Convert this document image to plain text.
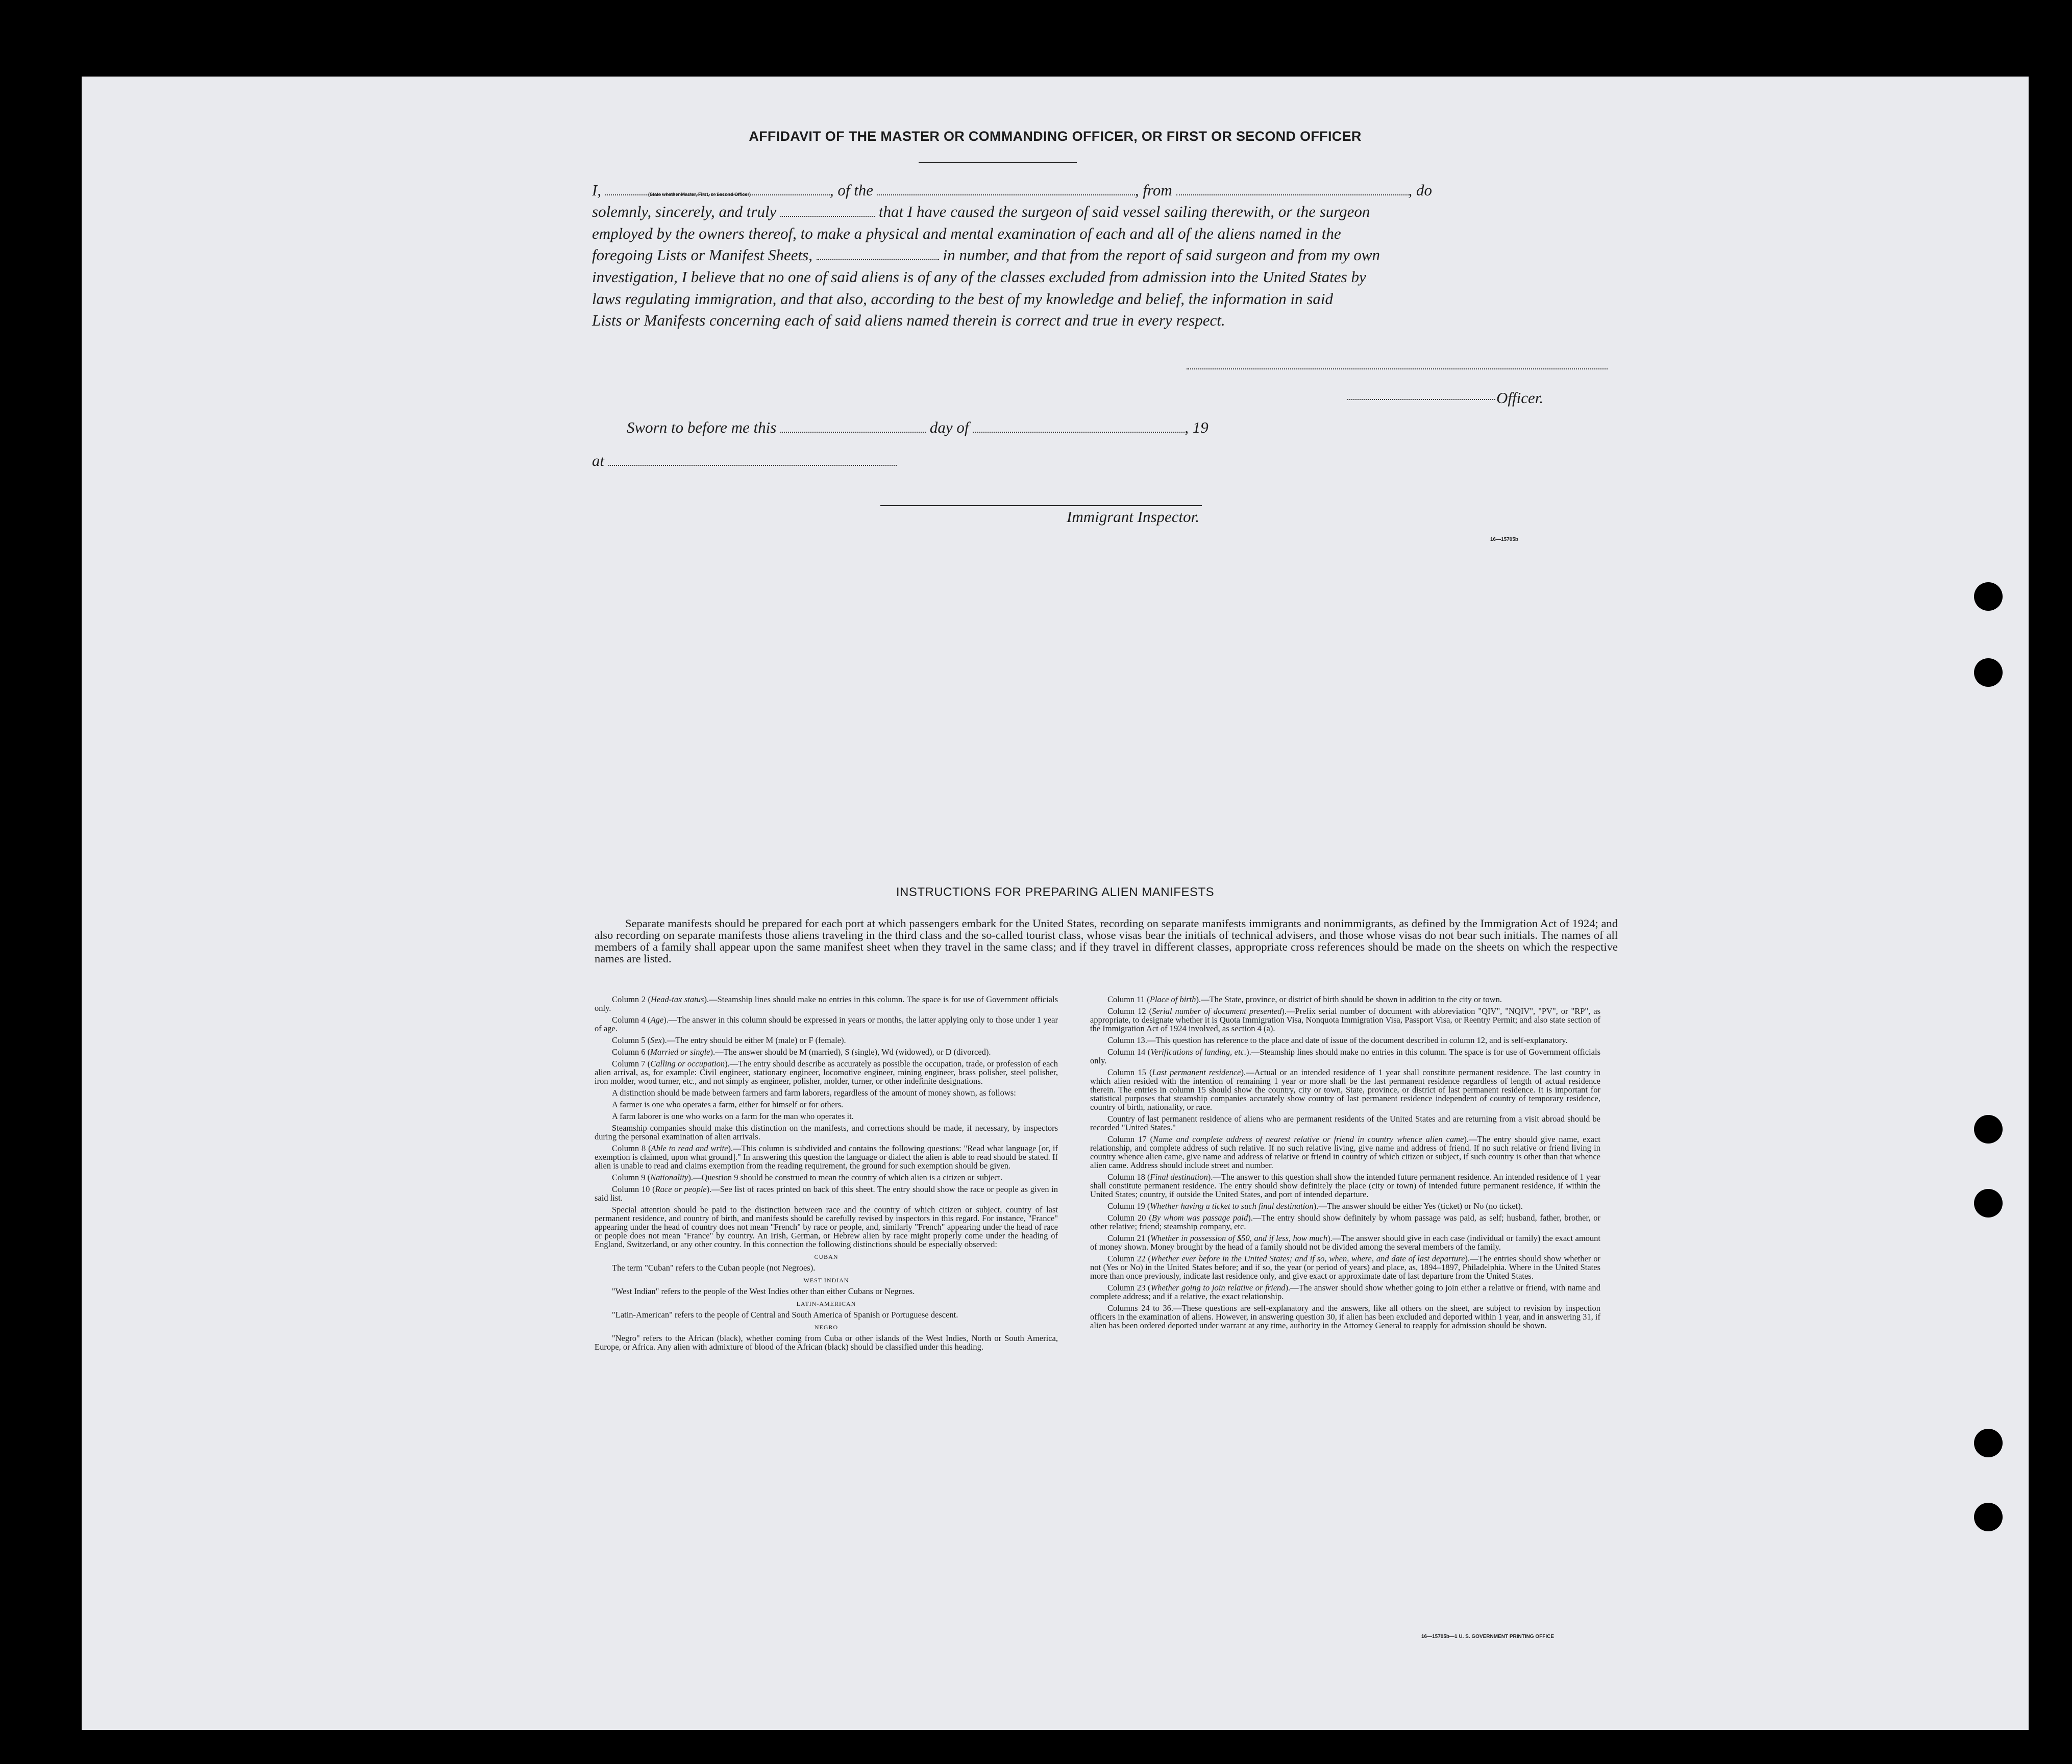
AFFIDAVIT OF THE MASTER OR COMMANDING OFFICER, OR FIRST OR SECOND OFFICER
I,	, of the	, from	, do
(State whether Master, First, or Second Officer)
solemnly, sincerely, and truly	that I have caused the surgeon of said vessel sailing therewith, or the surgeon
employed by the owners thereof, to make a physical and mental examination of each and all of the aliens named in the
foregoing Lists or Manifest Sheets,	in number, and that from the report of said surgeon and from my own
investigation, I believe that no one of said aliens is of any of the classes excluded from admission into the United States by
laws regulating immigration, and that also, according to the best of my knowledge and belief, the information in said
Lists or Manifests concerning each of said aliens named therein is correct and true in every respect.
Officer.
Sworn to before me this	day of	, 19
at
Immigrant Inspector.
16—15705b
INSTRUCTIONS FOR PREPARING ALIEN MANIFESTS
Separate manifests should be prepared for each port at which passengers embark for the United States, recording on separate manifests immigrants and nonimmigrants, as defined by the Immigration Act of 1924; and also recording on separate manifests those aliens traveling in the third class and the so-called tourist class, whose visas bear the initials of technical advisers, and those whose visas do not bear such initials. The names of all members of a family shall appear upon the same manifest sheet when they travel in the same class; and if they travel in different classes, appropriate cross references should be made on the sheets on which the respective names are listed.

Column 2 (Head-tax status).—Steamship lines should make no entries in this column. The space is for use of Government officials only.

Column 4 (Age).—The answer in this column should be expressed in years or months, the latter applying only to those under 1 year of age.

Column 5 (Sex).—The entry should be either M (male) or F (female).

Column 6 (Married or single).—The answer should be M (married), S (single), Wd (widowed), or D (divorced).

Column 7 (Calling or occupation).—The entry should describe as accurately as possible the occupation, trade, or profession of each alien arrival, as, for example: Civil engineer, stationary engineer, locomotive engineer, mining engineer, brass polisher, steel polisher, iron molder, wood turner, etc., and not simply as engineer, polisher, molder, turner, or other indefinite designations.

A distinction should be made between farmers and farm laborers, regardless of the amount of money shown, as follows:

A farmer is one who operates a farm, either for himself or for others.

A farm laborer is one who works on a farm for the man who operates it.

Steamship companies should make this distinction on the manifests, and corrections should be made, if necessary, by inspectors during the personal examination of alien arrivals.

Column 8 (Able to read and write).—This column is subdivided and contains the following questions: "Read what language [or, if exemption is claimed, upon what ground]." In answering this question the language or dialect the alien is able to read should be stated. If alien is unable to read and claims exemption from the reading requirement, the ground for such exemption should be given.

Column 9 (Nationality).—Question 9 should be construed to mean the country of which alien is a citizen or subject.

Column 10 (Race or people).—See list of races printed on back of this sheet. The entry should show the race or people as given in said list.

Special attention should be paid to the distinction between race and the country of which citizen or subject, country of last permanent residence, and country of birth, and manifests should be carefully revised by inspectors in this regard. For instance, "France" appearing under the head of country does not mean "French" by race or people, and, similarly "French" appearing under the head of race or people does not mean "France" by country. An Irish, German, or Hebrew alien by race might properly come under the heading of England, Switzerland, or any other country. In this connection the following distinctions should be especially observed:

CUBAN

The term "Cuban" refers to the Cuban people (not Negroes).

WEST INDIAN

"West Indian" refers to the people of the West Indies other than either Cubans or Negroes.

LATIN-AMERICAN

"Latin-American" refers to the people of Central and South America of Spanish or Portuguese descent.

NEGRO

"Negro" refers to the African (black), whether coming from Cuba or other islands of the West Indies, North or South America, Europe, or Africa. Any alien with admixture of blood of the African (black) should be classified under this heading.

Column 11 (Place of birth).—The State, province, or district of birth should be shown in addition to the city or town.

Column 12 (Serial number of document presented).—Prefix serial number of document with abbreviation "QIV", "NQIV", "PV", or "RP", as appropriate, to designate whether it is Quota Immigration Visa, Nonquota Immigration Visa, Passport Visa, or Reentry Permit; and also state section of the Immigration Act of 1924 involved, as section 4 (a).

Column 13.—This question has reference to the place and date of issue of the document described in column 12, and is self-explanatory.

Column 14 (Verifications of landing, etc.).—Steamship lines should make no entries in this column. The space is for use of Government officials only.

Column 15 (Last permanent residence).—Actual or an intended residence of 1 year shall constitute permanent residence. The last country in which alien resided with the intention of remaining 1 year or more shall be the last permanent residence regardless of length of actual residence therein. The entries in column 15 should show the country, city or town, State, province, or district of last permanent residence. It is important for statistical purposes that steamship companies accurately show country of last permanent residence independent of country of temporary residence, country of birth, nationality, or race.

Country of last permanent residence of aliens who are permanent residents of the United States and are returning from a visit abroad should be recorded "United States."

Column 17 (Name and complete address of nearest relative or friend in country whence alien came).—The entry should give name, exact relationship, and complete address of such relative. If no such relative living, give name and address of friend. If no such relative or friend living in country whence alien came, give name and address of relative or friend in country of which citizen or subject, if such country is other than that whence alien came. Address should include street and number.

Column 18 (Final destination).—The answer to this question shall show the intended future permanent residence. An intended residence of 1 year shall constitute permanent residence. The entry should show definitely the place (city or town) of intended future permanent residence, if within the United States; country, if outside the United States, and port of intended departure.

Column 19 (Whether having a ticket to such final destination).—The answer should be either Yes (ticket) or No (no ticket).

Column 20 (By whom was passage paid).—The entry should show definitely by whom passage was paid, as self; husband, father, brother, or other relative; friend; steamship company, etc.

Column 21 (Whether in possession of $50, and if less, how much).—The answer should give in each case (individual or family) the exact amount of money shown. Money brought by the head of a family should not be divided among the several members of the family.

Column 22 (Whether ever before in the United States; and if so, when, where, and date of last departure).—The entries should show whether or not (Yes or No) in the United States before; and if so, the year (or period of years) and place, as, 1894–1897, Philadelphia. Where in the United States more than once previously, indicate last residence only, and give exact or approximate date of last departure from the United States.

Column 23 (Whether going to join relative or friend).—The answer should show whether going to join either a relative or friend, with name and complete address; and if a relative, the exact relationship.

Columns 24 to 36.—These questions are self-explanatory and the answers, like all others on the sheet, are subject to revision by inspection officers in the examination of aliens. However, in answering question 30, if alien has been excluded and deported within 1 year, and in answering 31, if alien has been ordered deported under warrant at any time, authority in the Attorney General to reapply for admission should be shown.

16—15705b—1 U. S. GOVERNMENT PRINTING OFFICE
